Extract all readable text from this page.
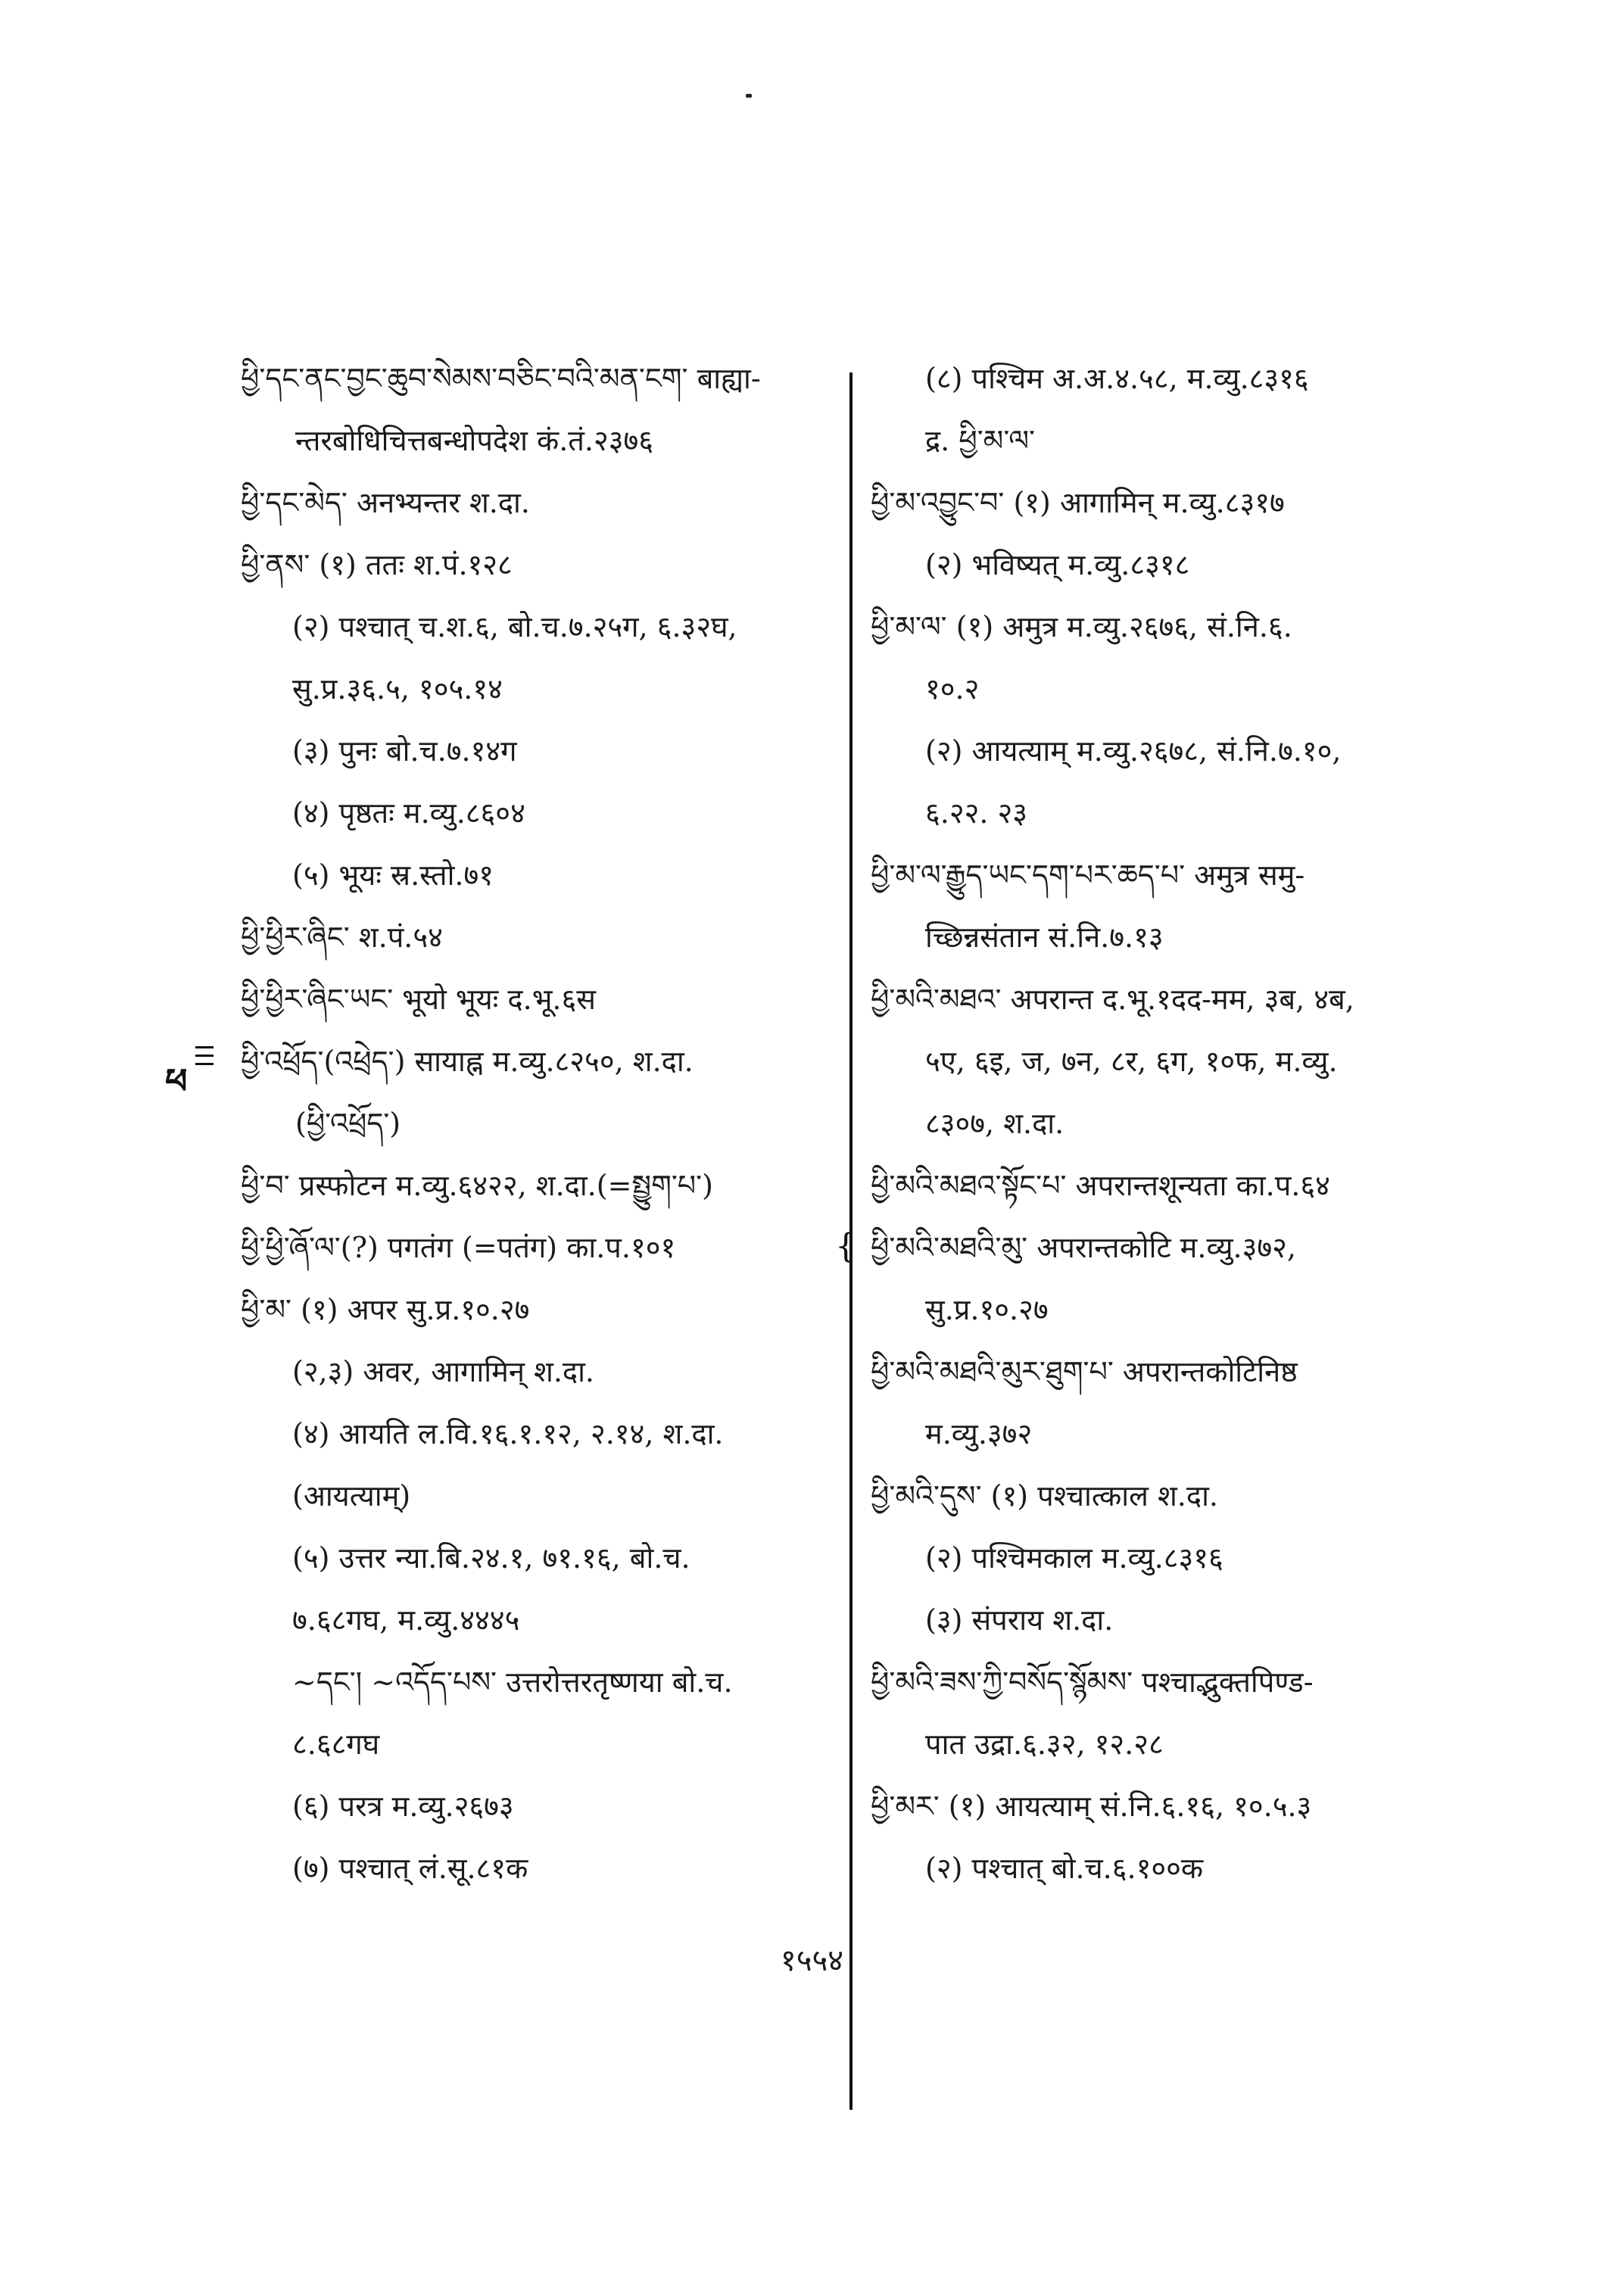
ཕ
ཕྱི་དང་ནང་བྱང་ཆུབ་སེམས་བཅིང་བའི་མན་ངག་ बाह्या-
न्तरबोधिचित्तबन्धोपदेश कं.तं.२३७६
ཕྱི་དང་མེད་ अनभ्यन्तर श.दा.
ཕྱི་ནས་ (१) ततः श.पं.१२८
(२) पश्चात् च.श.६, बो.च.७.२५ग, ६.३२घ,
सु.प्र.३६.५, १०५.१४
(३) पुनः बो.च.७.१४ग
(४) पृष्ठतः म.व्यु.८६०४
(५) भूयः स्र.स्तो.७१
ཕྱི་ཕྱིར་ཞིང་ श.पं.५४
ཕྱི་ཕྱིར་ཞིང་ཡང་ भूयो भूयः द.भू.६स
ཕྱི་འཕྲོད་(འཕྲེད་) सायाह्न म.व्यु.८२५०, श.दा.
(ཕྱི་འཕྲོད་)
ཕྱི་བ་ प्रस्फोटन म.व्यु.६४२२, श.दा.(=སྤྱུག་པ་)
ཕྱི་ཕྱི་ཞོ་ལ་(?) पगतंग (=पतंग) का.प.१०१
ཕྱི་མ་ (१) अपर सु.प्र.१०.२७
(२,३) अवर, आगामिन् श.दा.
(४) आयति ल.वि.१६.१.१२, २.१४, श.दा.
(आयत्याम्)
(५) उत्तर न्या.बि.२४.१, ७१.१६, बो.च.
७.६८गघ, म.व्यु.४४४५
~དང་། ~འདོད་པས་ उत्तरोत्तरतृष्णया बो.च.
८.६८गघ
(६) परत्र म.व्यु.२६७३
(७) पश्चात् लं.सू.८१क
{
(८) पश्चिम अ.अ.४.५८, म.व्यु.८३१६
द्र. ཕྱི་མ་ལ་
ཕྱི་མ་འབྱུང་བ་ (१) आगामिन् म.व्यु.८३१७
(२) भविष्यत् म.व्यु.८३१८
ཕྱི་མ་ལ་ (१) अमुत्र म.व्यु.२६७६, सं.नि.६.
१०.२
(२) आयत्याम् म.व्यु.२६७८, सं.नि.७.१०,
६.२२. २३
ཕྱི་མ་ལ་རྒྱུད་ཡང་དག་པར་ཆད་པ་ अमुत्र समु-
च्छिन्नसंतान सं.नि.७.१३
ཕྱི་མའི་མཐའ་ अपरान्त द.भू.१दद-मम, ३ब, ४ब,
५ए, ६इ, ज, ७न, ८र, ६ग, १०फ, म.व्यु.
८३०७, श.दा.
ཕྱི་མའི་མཐའ་སྟོང་པ་ अपरान्तशून्यता का.प.६४
ཕྱི་མའི་མཐའི་མུ་ अपरान्तकोटि म.व्यु.३७२,
सु.प्र.१०.२७
ཕྱི་མའི་མཐའི་མུར་ཐུག་པ་ अपरान्तकोटिनिष्ठ
म.व्यु.३७२
ཕྱི་མའི་དུས་ (१) पश्चात्काल श.दा.
(२) पश्चिमकाल म.व्यु.८३१६
(३) संपराय श.दा.
ཕྱི་མའི་ཟས་ཀྱི་བསོད་སྙོམས་ पश्चाद्भुक्तपिण्ड-
पात उद्रा.६.३२, १२.२८
ཕྱི་མར་ (१) आयत्याम् सं.नि.६.१६, १०.५.३
(२) पश्चात् बो.च.६.१००क
१५५४
